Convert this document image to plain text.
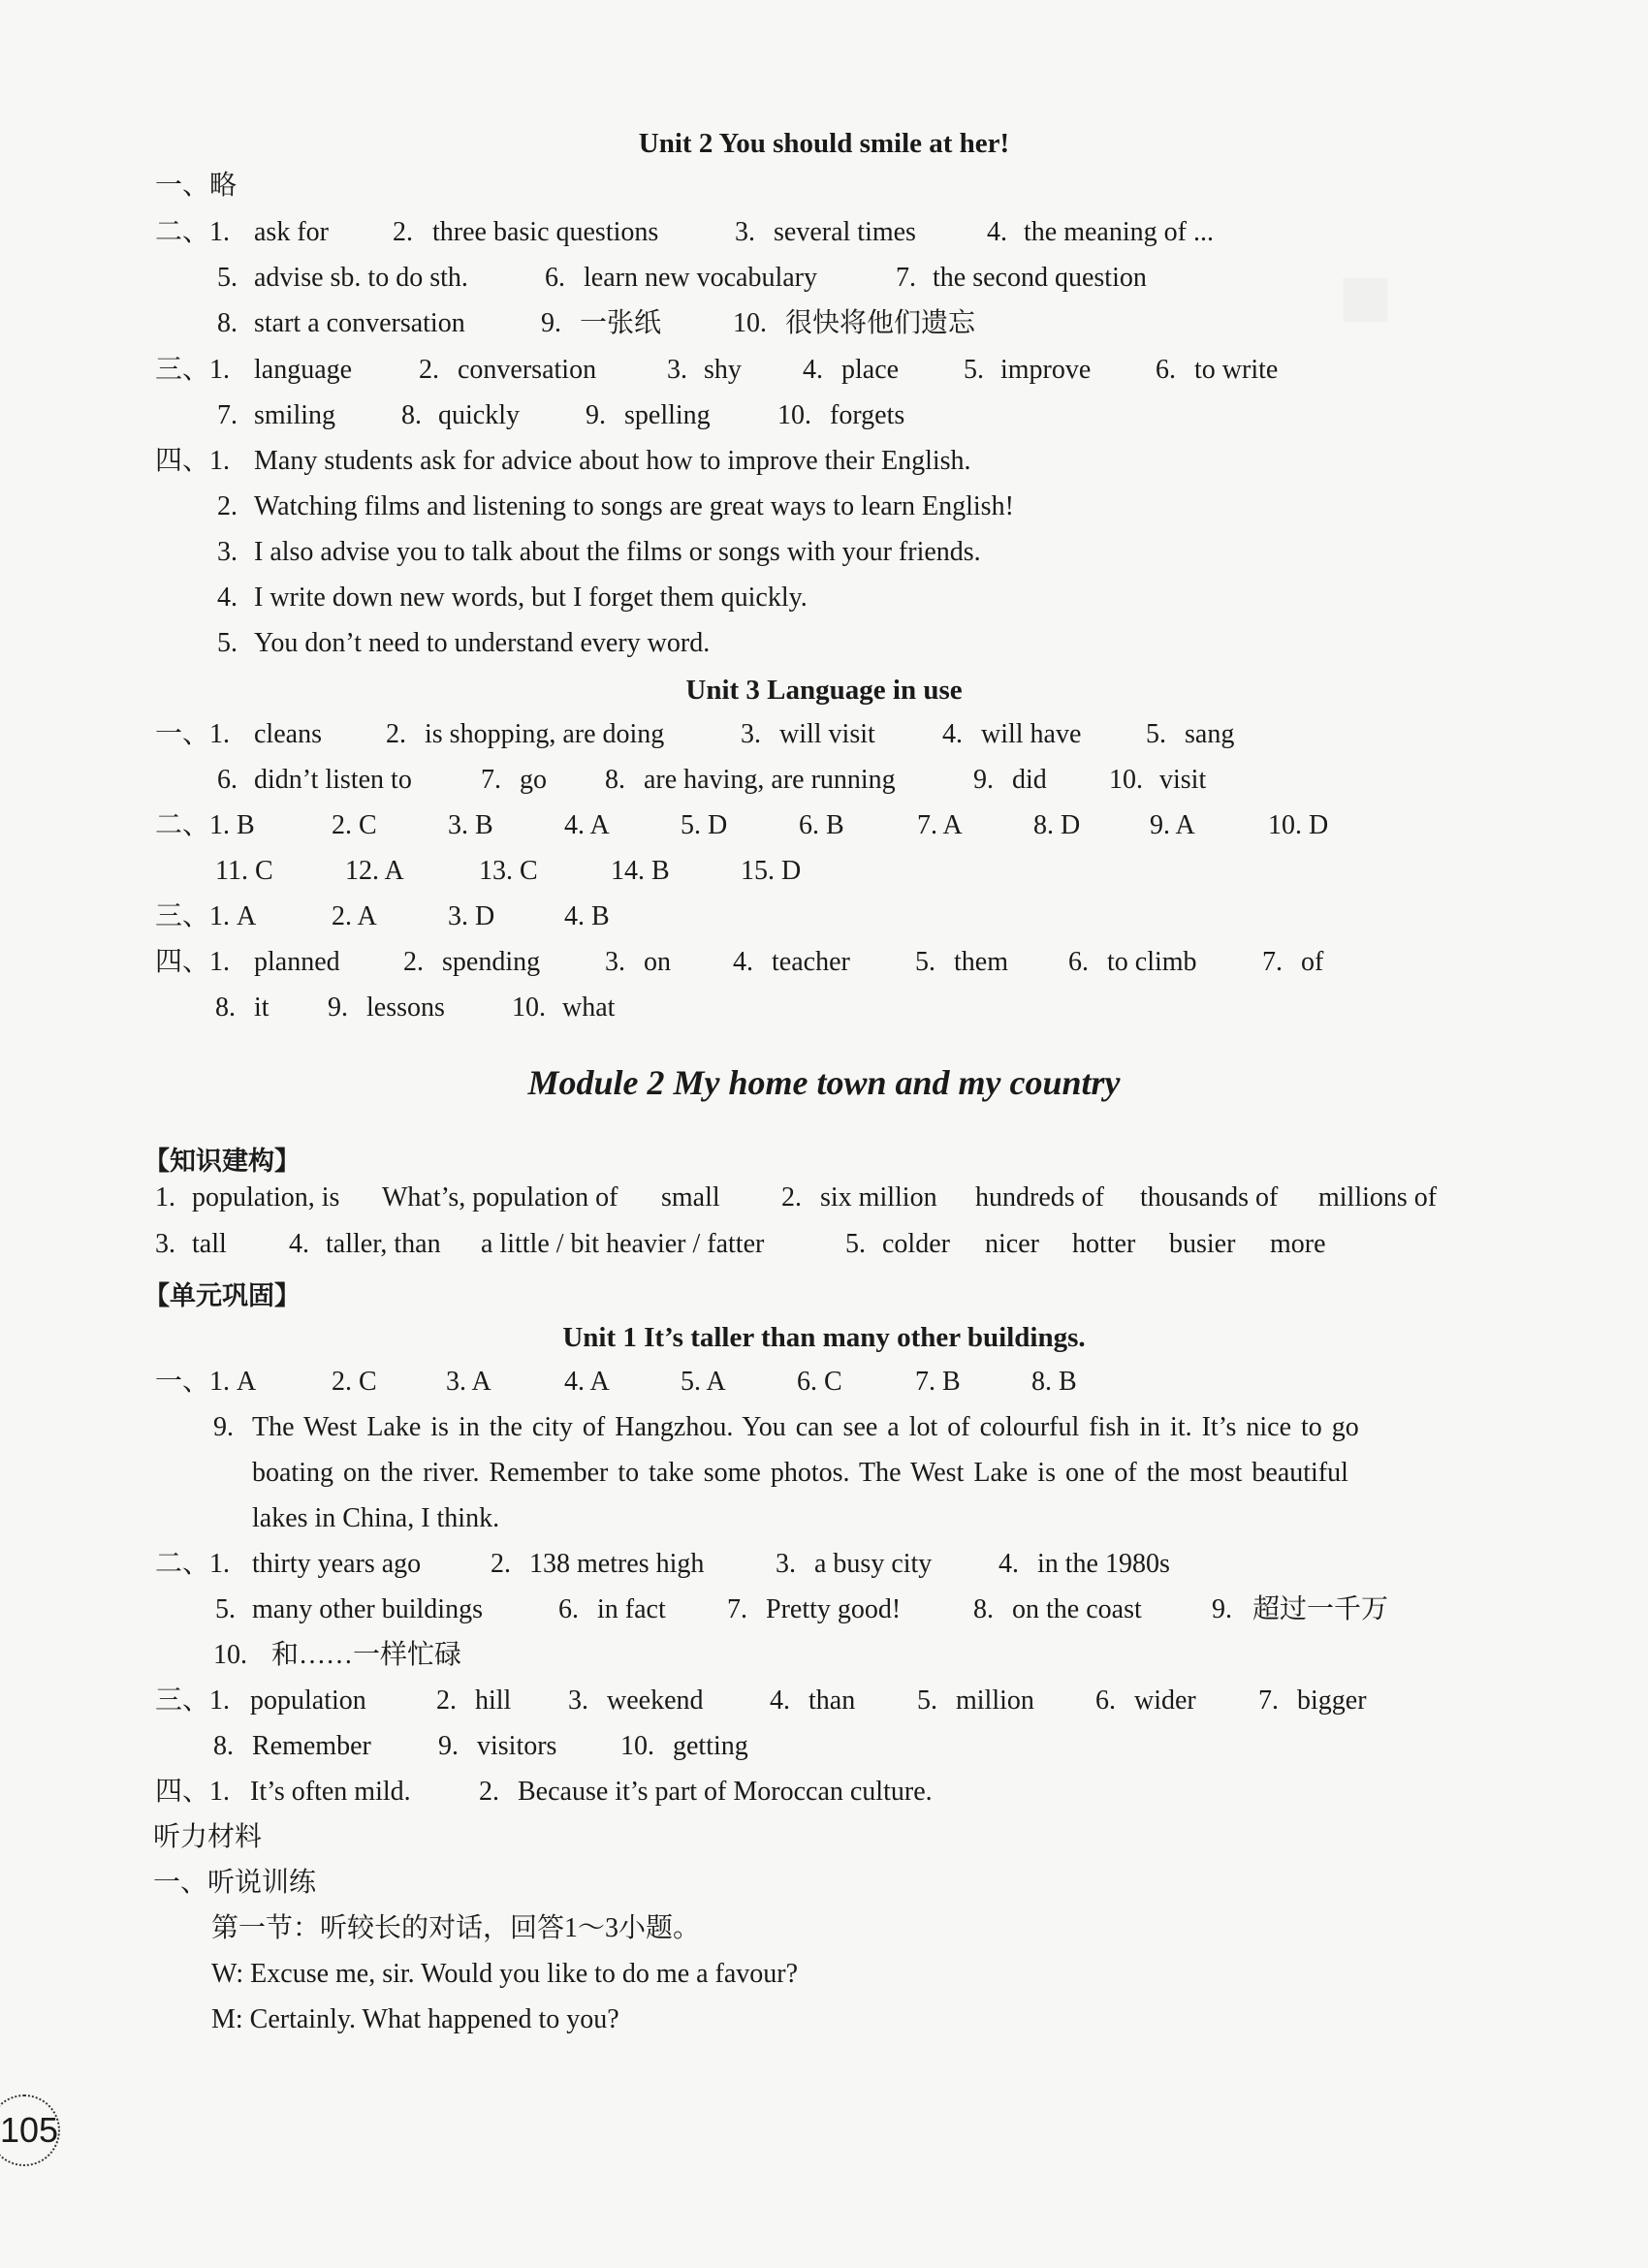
■
Unit 2 You should smile at her!
一、略
二、1. ask for 2. three basic questions	3. several times	4. the meaning of ...
5. advise sb. to do sth.	6. learn new vocabulary	7. the second question
8. start a conversation	9. 一张纸	10. 很快将他们遗忘
三、1. language 2. conversation	3. shy 4. place 5. improve 6. to write
7. smiling 8. quickly 9. spelling 10. forgets
四、1. Many students ask for advice about how to improve their English.
2. Watching films and listening to songs are great ways to learn English!
3. I also advise you to talk about the films or songs with your friends.
4. I write down new words, but I forget them quickly.
5. You don’t need to understand every word.
Unit 3 Language in use
一、1. cleans 2. is shopping, are doing	3. will visit 4. will have 5. sang
6. didn’t listen to	7. go 8. are having, are running	9. did 10. visit
二、1. B	2. C	3. B	4. A	5. D	6. B	7. A	8. D	9. A	10. D
11. C	12. A	13. C	14. B	15. D
三、1. A	2. A	3. D	4. B
四、1. planned 2. spending 3. on 4. teacher 5. them 6. to climb 7. of
8. it 9. lessons 10. what
Module 2 My home town and my country
【知识建构】
1. population, is What’s, population of small 2. six million hundreds of thousands of millions of
3. tall 4. taller, than a little / bit heavier / fatter	5. colder nicer hotter busier more
【单元巩固】
Unit 1 It’s taller than many other buildings.
一、1. A	2. C	3. A	4. A	5. A	6. C	7. B	8. B
9. The West Lake is in the city of Hangzhou. You can see a lot of colourful fish in it. It’s nice to go
boating on the river. Remember to take some photos. The West Lake is one of the most beautiful
lakes in China, I think.
二、1. thirty years ago	2. 138 metres high	3. a busy city 4. in the 1980s
5. many other buildings	6. in fact 7. Pretty good!	8. on the coast	9. 超过一千万
10. 和……一样忙碌
三、1. population	2. hill 3. weekend 4. than 5. million 6. wider 7. bigger
8. Remember 9. visitors 10. getting
四、1. It’s often mild.	2. Because it’s part of Moroccan culture.
听力材料
一、听说训练
第一节：听较长的对话，回答1～3小题。
W: Excuse me, sir. Would you like to do me a favour?
M: Certainly. What happened to you?
105
